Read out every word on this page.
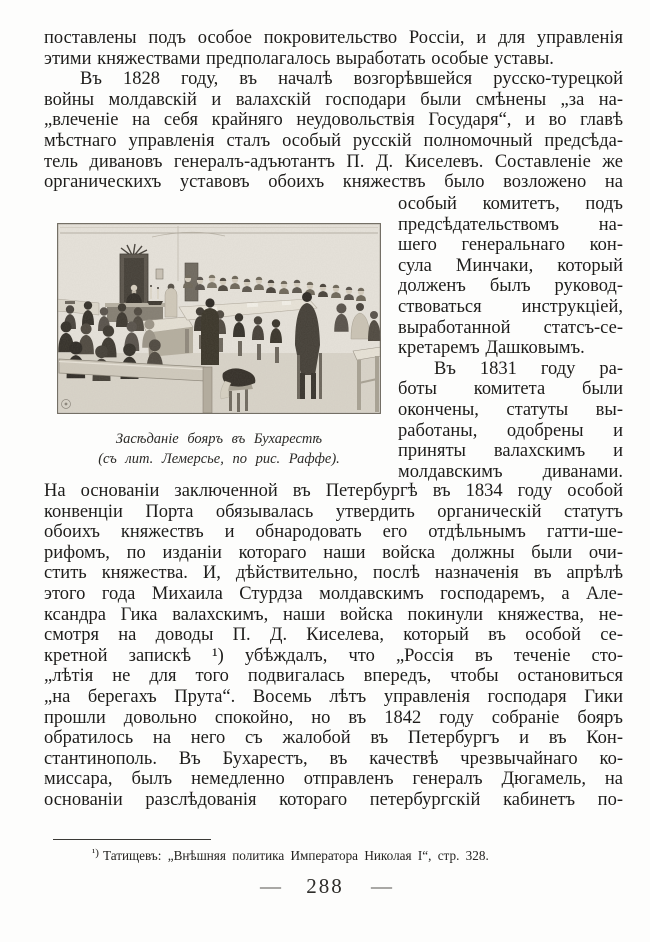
поставлены подъ особое покровительство Россіи, и для управленія
этими княжествами предполагалось выработать особые уставы.
Въ 1828 году, въ началѣ возгорѣвшейся русско-турецкой
войны молдавскій и валахскій господари были смѣнены „за на-
„влеченіе на себя крайняго неудовольствія Государя“, и во главѣ
мѣстнаго управленія сталъ особый русскій полномочный предсѣда-
тель дивановъ генералъ-адъютантъ П. Д. Киселевъ. Составленіе же
органическихъ уставовъ обоихъ княжествъ было возложено на
Засѣданіе бояръ въ Бухарестѣ
(съ лит. Лемерсье, по рис. Раффе).
особый комитетъ, подъ
предсѣдательствомъ на-
шего генеральнаго кон-
сула Минчаки, который
долженъ былъ руковод-
ствоваться инструкціей,
выработанной статсъ-се-
кретаремъ Дашковымъ.
Въ 1831 году ра-
боты комитета были
окончены, статуты вы-
работаны, одобрены и
приняты валахскимъ и
молдавскимъ диванами.
На основаніи заключенной въ Петербургѣ въ 1834 году особой
конвенціи Порта обязывалась утвердить органическій статутъ
обоихъ княжествъ и обнародовать его отдѣльнымъ гатти-ше-
рифомъ, по изданіи котораго наши войска должны были очи-
стить княжества. И, дѣйствительно, послѣ назначенія въ апрѣлѣ
этого года Михаила Стурдза молдавскимъ господаремъ, а Але-
ксандра Гика валахскимъ, наши войска покинули княжества, не-
смотря на доводы П. Д. Киселева, который въ особой се-
кретной запискѣ ¹) убѣждалъ, что „Россія въ теченіе сто-
„лѣтія не для того подвигалась впередъ, чтобы остановиться
„на берегахъ Прута“. Восемь лѣтъ управленія господаря Гики
прошли довольно спокойно, но въ 1842 году собраніе бояръ
обратилось на него съ жалобой въ Петербургъ и въ Кон-
стантинополь. Въ Бухарестъ, въ качествѣ чрезвычайнаго ко-
миссара, былъ немедленно отправленъ генералъ Дюгамель, на
основаніи разслѣдованія котораго петербургскій кабинетъ по-
$^{^1)}$ Татищевъ: „Внѣшняя политика Императора Николая I“, стр. 328.
— 288 —
